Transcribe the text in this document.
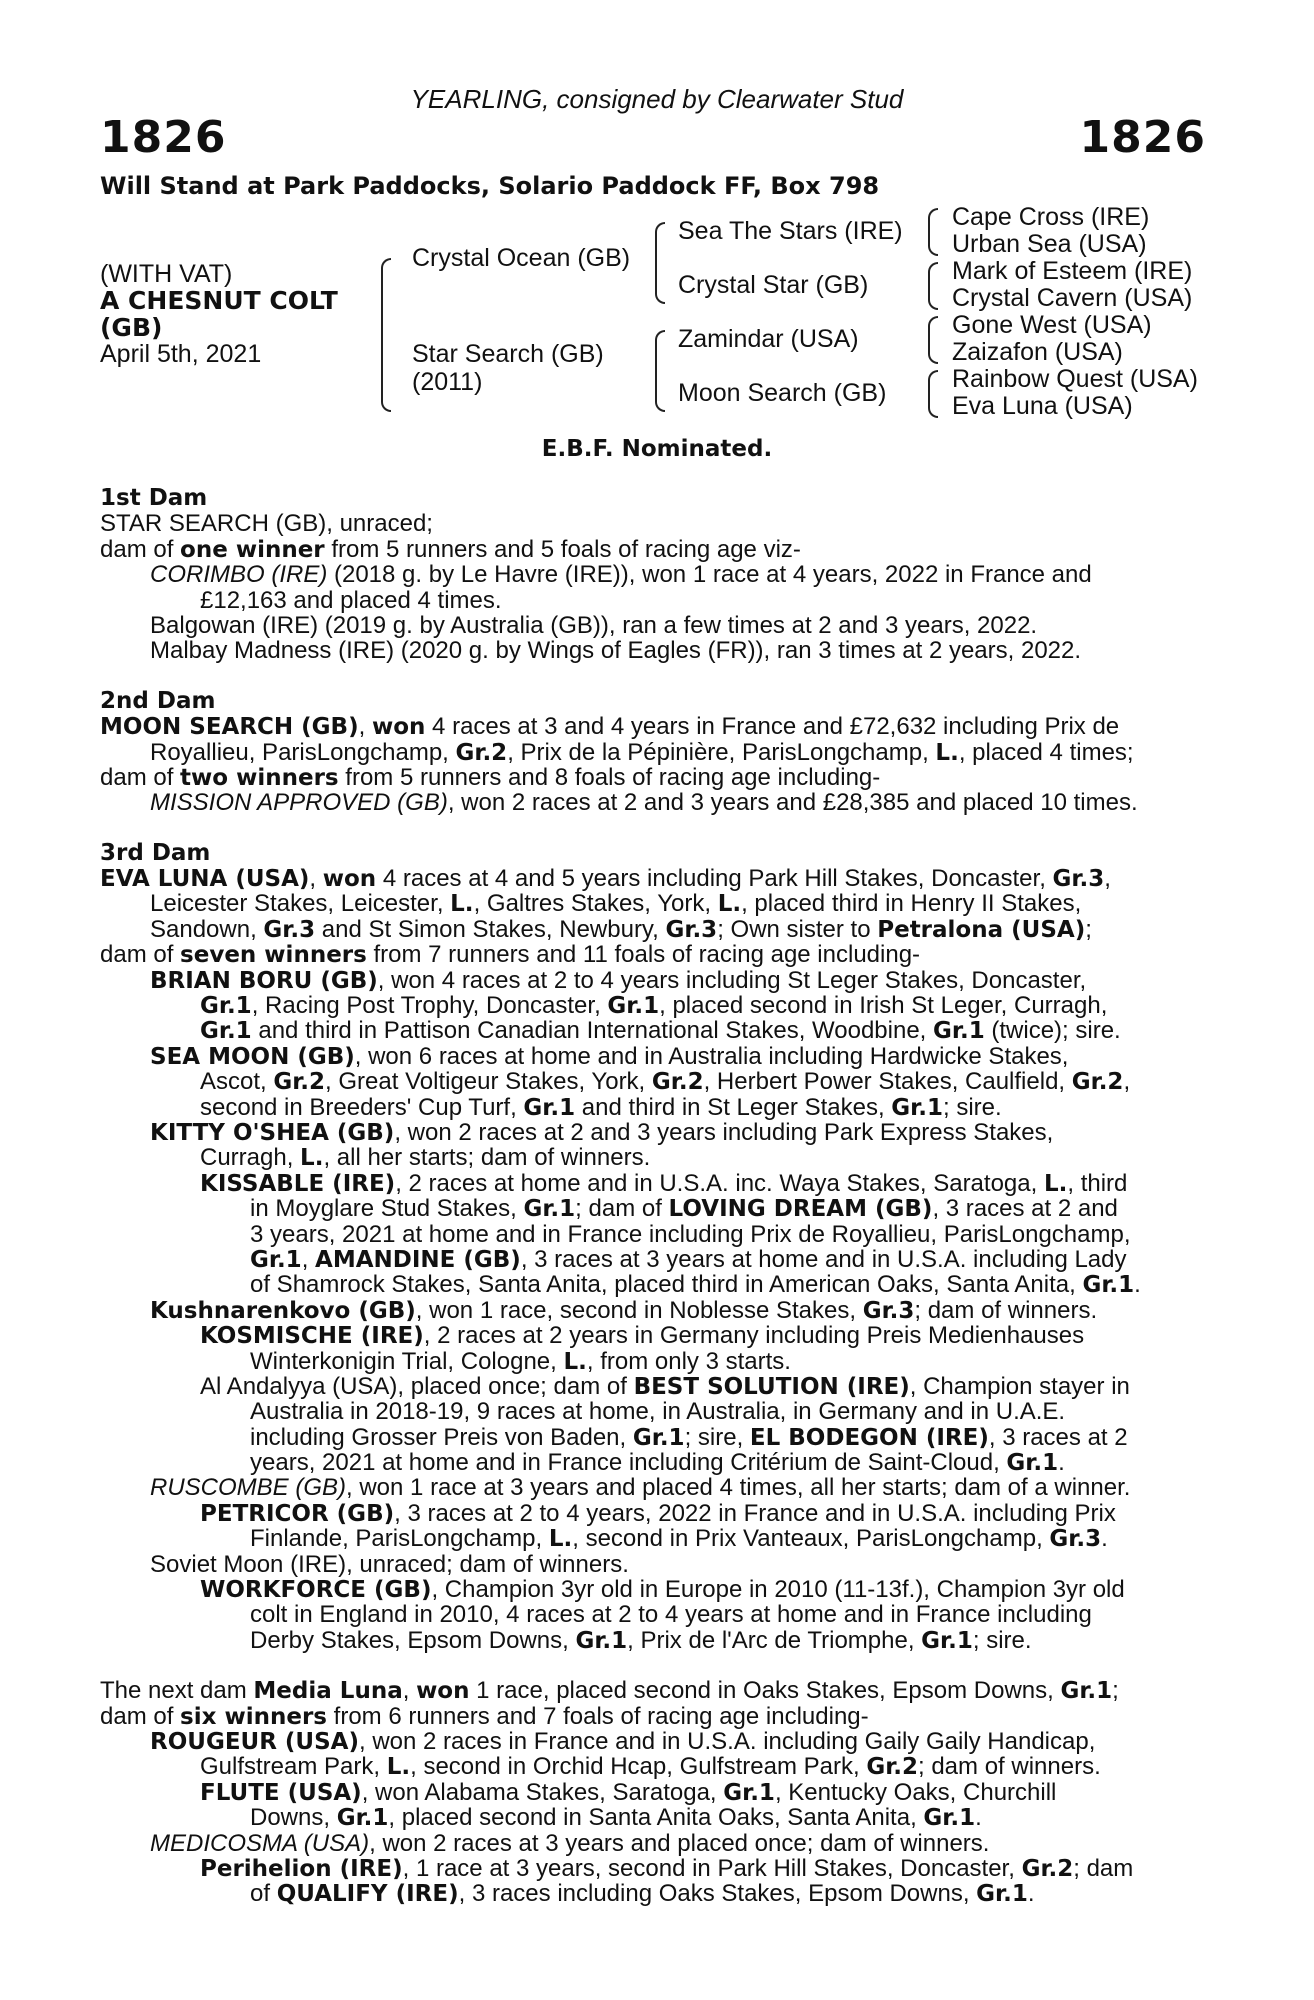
YEARLING, consigned by Clearwater Stud
1826	1826
Will Stand at Park Paddocks, Solario Paddock FF, Box 798
(WITH VAT)
A CHESNUT COLT
(GB)
April 5th, 2021
Crystal Ocean (GB)
Star Search (GB)
(2011)
Sea The Stars (IRE)
Crystal Star (GB)
Zamindar (USA)
Moon Search (GB)
Cape Cross (IRE)
Urban Sea (USA)
Mark of Esteem (IRE)
Crystal Cavern (USA)
Gone West (USA)
Zaizafon (USA)
Rainbow Quest (USA)
Eva Luna (USA)
E.B.F. Nominated.
1st Dam
STAR SEARCH (GB), unraced;
dam of one winner from 5 runners and 5 foals of racing age viz-
CORIMBO (IRE) (2018 g. by Le Havre (IRE)), won 1 race at 4 years, 2022 in France and
£12,163 and placed 4 times.
Balgowan (IRE) (2019 g. by Australia (GB)), ran a few times at 2 and 3 years, 2022.
Malbay Madness (IRE) (2020 g. by Wings of Eagles (FR)), ran 3 times at 2 years, 2022.
2nd Dam
MOON SEARCH (GB), won 4 races at 3 and 4 years in France and £72,632 including Prix de
Royallieu, ParisLongchamp, Gr.2, Prix de la Pépinière, ParisLongchamp, L., placed 4 times;
dam of two winners from 5 runners and 8 foals of racing age including-
MISSION APPROVED (GB), won 2 races at 2 and 3 years and £28,385 and placed 10 times.
3rd Dam
EVA LUNA (USA), won 4 races at 4 and 5 years including Park Hill Stakes, Doncaster, Gr.3,
Leicester Stakes, Leicester, L., Galtres Stakes, York, L., placed third in Henry II Stakes,
Sandown, Gr.3 and St Simon Stakes, Newbury, Gr.3; Own sister to Petralona (USA);
dam of seven winners from 7 runners and 11 foals of racing age including-
BRIAN BORU (GB), won 4 races at 2 to 4 years including St Leger Stakes, Doncaster,
Gr.1, Racing Post Trophy, Doncaster, Gr.1, placed second in Irish St Leger, Curragh,
Gr.1 and third in Pattison Canadian International Stakes, Woodbine, Gr.1 (twice); sire.
SEA MOON (GB), won 6 races at home and in Australia including Hardwicke Stakes,
Ascot, Gr.2, Great Voltigeur Stakes, York, Gr.2, Herbert Power Stakes, Caulfield, Gr.2,
second in Breeders' Cup Turf, Gr.1 and third in St Leger Stakes, Gr.1; sire.
KITTY O'SHEA (GB), won 2 races at 2 and 3 years including Park Express Stakes,
Curragh, L., all her starts; dam of winners.
KISSABLE (IRE), 2 races at home and in U.S.A. inc. Waya Stakes, Saratoga, L., third
in Moyglare Stud Stakes, Gr.1; dam of LOVING DREAM (GB), 3 races at 2 and
3 years, 2021 at home and in France including Prix de Royallieu, ParisLongchamp,
Gr.1, AMANDINE (GB), 3 races at 3 years at home and in U.S.A. including Lady
of Shamrock Stakes, Santa Anita, placed third in American Oaks, Santa Anita, Gr.1.
Kushnarenkovo (GB), won 1 race, second in Noblesse Stakes, Gr.3; dam of winners.
KOSMISCHE (IRE), 2 races at 2 years in Germany including Preis Medienhauses
Winterkonigin Trial, Cologne, L., from only 3 starts.
Al Andalyya (USA), placed once; dam of BEST SOLUTION (IRE), Champion stayer in
Australia in 2018-19, 9 races at home, in Australia, in Germany and in U.A.E.
including Grosser Preis von Baden, Gr.1; sire, EL BODEGON (IRE), 3 races at 2
years, 2021 at home and in France including Critérium de Saint-Cloud, Gr.1.
RUSCOMBE (GB), won 1 race at 3 years and placed 4 times, all her starts; dam of a winner.
PETRICOR (GB), 3 races at 2 to 4 years, 2022 in France and in U.S.A. including Prix
Finlande, ParisLongchamp, L., second in Prix Vanteaux, ParisLongchamp, Gr.3.
Soviet Moon (IRE), unraced; dam of winners.
WORKFORCE (GB), Champion 3yr old in Europe in 2010 (11-13f.), Champion 3yr old
colt in England in 2010, 4 races at 2 to 4 years at home and in France including
Derby Stakes, Epsom Downs, Gr.1, Prix de l'Arc de Triomphe, Gr.1; sire.
The next dam Media Luna, won 1 race, placed second in Oaks Stakes, Epsom Downs, Gr.1;
dam of six winners from 6 runners and 7 foals of racing age including-
ROUGEUR (USA), won 2 races in France and in U.S.A. including Gaily Gaily Handicap,
Gulfstream Park, L., second in Orchid Hcap, Gulfstream Park, Gr.2; dam of winners.
FLUTE (USA), won Alabama Stakes, Saratoga, Gr.1, Kentucky Oaks, Churchill
Downs, Gr.1, placed second in Santa Anita Oaks, Santa Anita, Gr.1.
MEDICOSMA (USA), won 2 races at 3 years and placed once; dam of winners.
Perihelion (IRE), 1 race at 3 years, second in Park Hill Stakes, Doncaster, Gr.2; dam
of QUALIFY (IRE), 3 races including Oaks Stakes, Epsom Downs, Gr.1.
